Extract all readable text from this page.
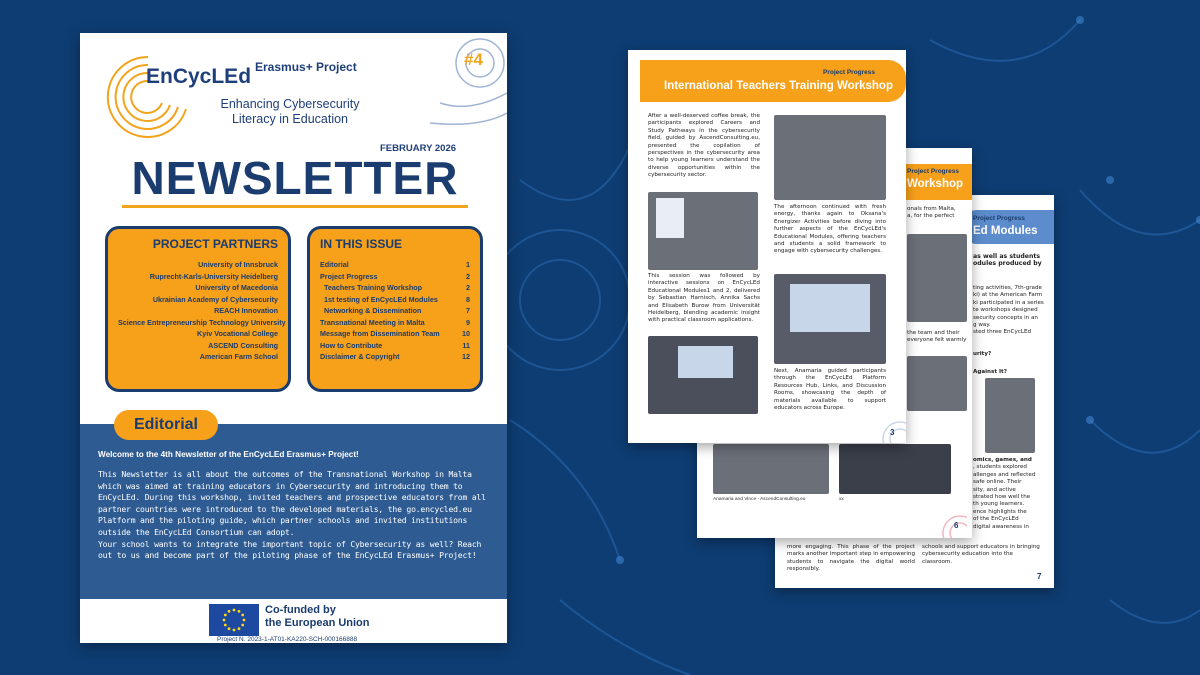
EnCycLEd Erasmus+ Project	#4
Enhancing Cybersecurity Literacy in Education
FEBRUARY 2026
NEWSLETTER
PROJECT PARTNERS
University of Innsbruck
Ruprecht-Karls-University Heidelberg
University of Macedonia
Ukrainian Academy of Cybersecurity
REACH Innovation
Science Entrepreneurship Technology University
Kyiv Vocational College
ASCEND Consulting
American Farm School
IN THIS ISSUE
Editorial	1
Project Progress	2
Teachers Training Workshop	2
1st testing of EnCycLEd Modules	8
Networking & Dissemination	7
Transnational Meeting in Malta	9
Message from Dissemination Team	10
How to Contribute	11
Disclaimer & Copyright	12
Editorial
Welcome to the 4th Newsletter of the EnCycLEd Erasmus+ Project!

This Newsletter is all about the outcomes of the Transnational Workshop in Malta which was aimed at training educators in Cybersecurity and introducing them to EnCycLEd. During this workshop, invited teachers and prospective educators from all partner countries were introduced to the developed materials, the go.encycled.eu Platform and the piloting guide, which partner schools and invited institutions outside the EnCycLEd Consortium can adopt.

Your school wants to integrate the important topic of Cybersecurity as well? Reach out to us and become part of the piloting phase of the EnCycLEd Erasmus+ Project!

Co-funded by
the European Union
Project N. 2023-1-AT01-KA220-SCH-000166888
Project Progress
Ed Modules
as well as students
odules produced by
ting activities, 7th-grade
ki) at the American Farm
ki participated in a series
te workshops designed
security concepts in an
g way.
sted three EnCycLEd
urity?
Against It?
omics, games, and
, students explored
allenges and reflected
safe online. Their
sity, and active
strated how well the
th young learners.
ence highlights the
of the EnCycLEd
digital awareness in
schools and support educators in bringing
cybersecurity education into the
classroom.
more engaging. This phase of the project marks another important step in empowering students to navigate the digital world responsibly.
7
Project Progress
Workshop
onals from Malta,
a, for the perfect
the team and their
everyone felt warmly
Anamaria and Vince - AscendConsulting.eu	xx
6
Project Progress
International Teachers Training Workshop
After a well-deserved coffee break, the participants explored Careers and Study Pathways in the cybersecurity field, guided by AscendConsulting.eu, presented the copilation of perspectives in the cybersecurity area to help young learners understand the diverse opportunities within the cybersecurity sector.
This session was followed by interactive sessions on EnCycLEd Educational Modules1 and 2, delivered by Sebastian Harnisch, Annika Sachs and Elisabeth Burow from Universität Heidelberg, blending academic insight with practical classroom applications.
The afternoon continued with fresh energy, thanks again to Oksana's Energizer Activities before diving into further aspects of the EnCycLEd's Educational Modules, offering teachers and students a solid framework to engage with cybersecurity challenges.
Next, Anamaria guided participants through the EnCycLEd Platform Resources Hub, Links, and Discussion Rooms, showcasing the depth of materials available to support educators across Europe.
3
